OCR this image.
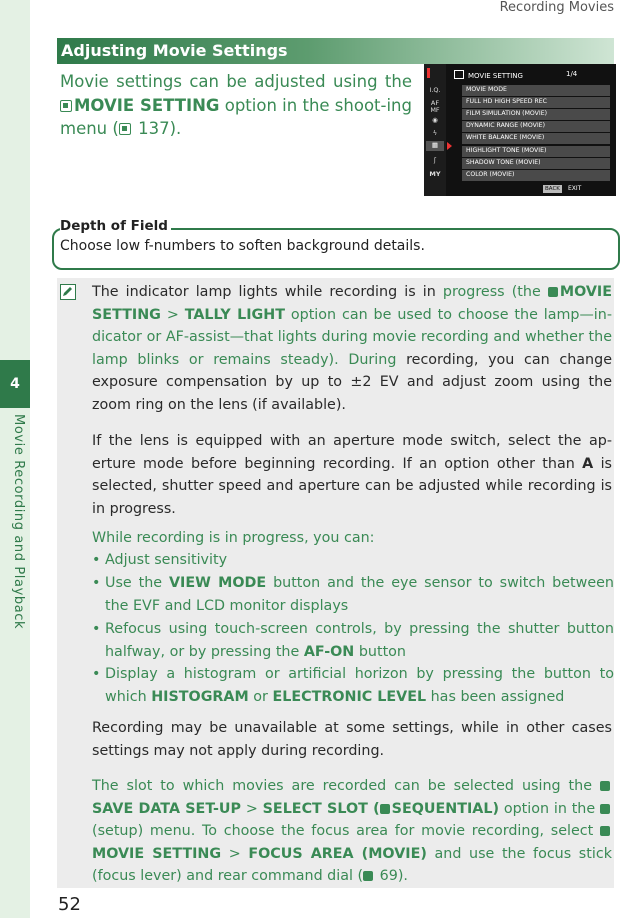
4
Movie Recording and Playback
Recording Movies
Adjusting Movie Settings
Movie settings can be adjusted using the MOVIE SETTING option in the shoot-ing menu ( 137).
I.Q.
AF MF
◉
ϟ
▦
ʃ
MY
MOVIE SETTING	1/4
MOVIE MODE
FULL HD HIGH SPEED REC
FILM SIMULATION (MOVIE)
DYNAMIC RANGE (MOVIE)
WHITE BALANCE (MOVIE)
HIGHLIGHT TONE (MOVIE)
SHADOW TONE (MOVIE)
COLOR (MOVIE)
BACK	EXIT
Depth of Field
Choose low f-numbers to soften background details.
The indicator lamp lights while recording is in progress (the MOVIE SETTING > TALLY LIGHT option can be used to choose the lamp—in-dicator or AF-assist—that lights during movie recording and whether the lamp blinks or remains steady). During recording, you can change exposure compensation by up to ±2 EV and adjust zoom using the zoom ring on the lens (if available).
If the lens is equipped with an aperture mode switch, select the ap-erture mode before beginning recording. If an option other than A is selected, shutter speed and aperture can be adjusted while recording is in progress.
While recording is in progress, you can:
• Adjust sensitivity
• Use the VIEW MODE button and the eye sensor to switch between the EVF and LCD monitor displays
• Refocus using touch-screen controls, by pressing the shutter button halfway, or by pressing the AF-ON button
• Display a histogram or artificial horizon by pressing the button to which HISTOGRAM or ELECTRONIC LEVEL has been assigned
Recording may be unavailable at some settings, while in other cases settings may not apply during recording.
The slot to which movies are recorded can be selected using the SAVE DATA SET-UP > SELECT SLOT ( SEQUENTIAL) option in the  (setup) menu. To choose the focus area for movie recording, select MOVIE SETTING > FOCUS AREA (MOVIE) and use the focus stick (focus lever) and rear command dial ( 69).
52
